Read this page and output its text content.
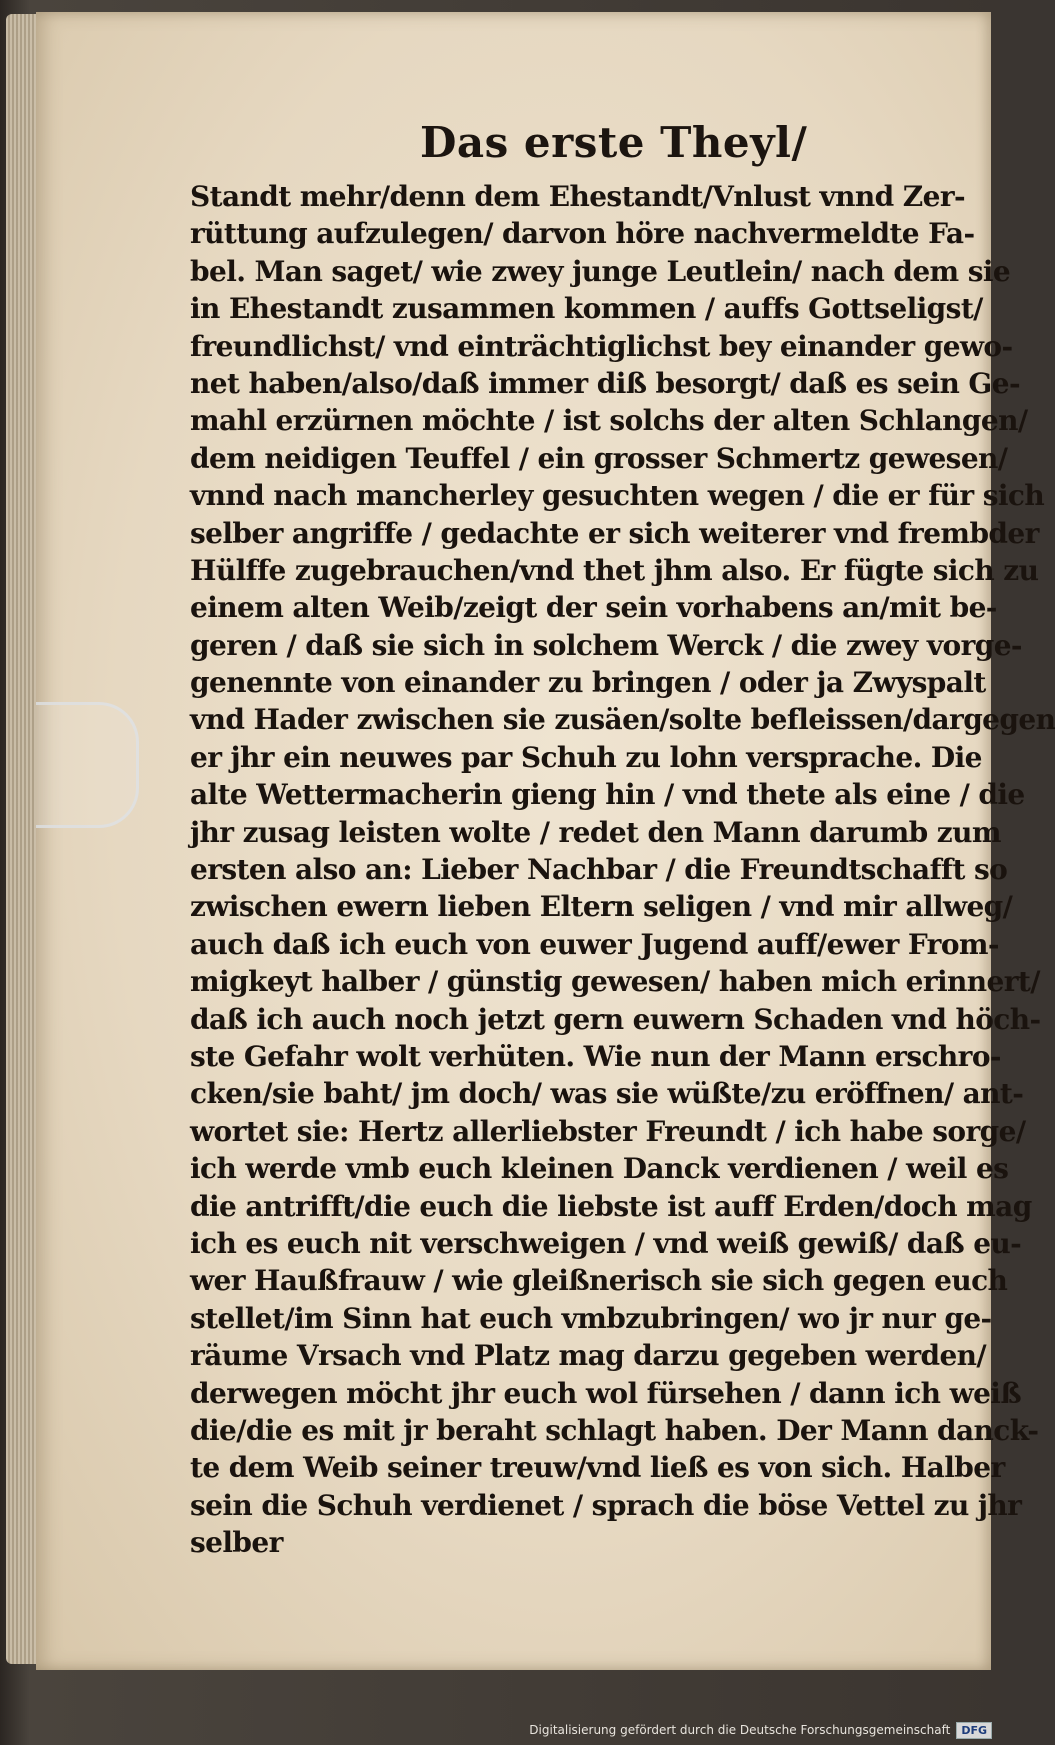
Das erste Theyl/
Standt mehr/denn dem Ehestandt/Vnlust vnnd Zer-
rüttung aufzulegen/ darvon höre nachvermeldte Fa-
bel. Man saget/ wie zwey junge Leutlein/ nach dem sie
in Ehestandt zusammen kommen / auffs Gottseligst/
freundlichst/ vnd einträchtiglichst bey einander gewo-
net haben/also/daß immer diß besorgt/ daß es sein Ge-
mahl erzürnen möchte / ist solchs der alten Schlangen/
dem neidigen Teuffel / ein grosser Schmertz gewesen/
vnnd nach mancherley gesuchten wegen / die er für sich
selber angriffe / gedachte er sich weiterer vnd frembder
Hülffe zugebrauchen/vnd thet jhm also. Er fügte sich zu
einem alten Weib/zeigt der sein vorhabens an/mit be-
geren / daß sie sich in solchem Werck / die zwey vorge-
genennte von einander zu bringen / oder ja Zwyspalt
vnd Hader zwischen sie zusäen/solte befleissen/dargegen
er jhr ein neuwes par Schuh zu lohn versprache. Die
alte Wettermacherin gieng hin / vnd thete als eine / die
jhr zusag leisten wolte / redet den Mann darumb zum
ersten also an: Lieber Nachbar / die Freundtschafft so
zwischen ewern lieben Eltern seligen / vnd mir allweg/
auch daß ich euch von euwer Jugend auff/ewer From-
migkeyt halber / günstig gewesen/ haben mich erinnert/
daß ich auch noch jetzt gern euwern Schaden vnd höch-
ste Gefahr wolt verhüten. Wie nun der Mann erschro-
cken/sie baht/ jm doch/ was sie wüßte/zu eröffnen/ ant-
wortet sie: Hertz allerliebster Freundt / ich habe sorge/
ich werde vmb euch kleinen Danck verdienen / weil es
die antrifft/die euch die liebste ist auff Erden/doch mag
ich es euch nit verschweigen / vnd weiß gewiß/ daß eu-
wer Haußfrauw / wie gleißnerisch sie sich gegen euch
stellet/im Sinn hat euch vmbzubringen/ wo jr nur ge-
räume Vrsach vnd Platz mag darzu gegeben werden/
derwegen möcht jhr euch wol fürsehen / dann ich weiß
die/die es mit jr beraht schlagt haben. Der Mann danck-
te dem Weib seiner treuw/vnd ließ es von sich. Halber
sein die Schuh verdienet / sprach die böse Vettel zu jhr
selber
Digitalisierung gefördert durch die Deutsche Forschungsgemeinschaft	DFG
